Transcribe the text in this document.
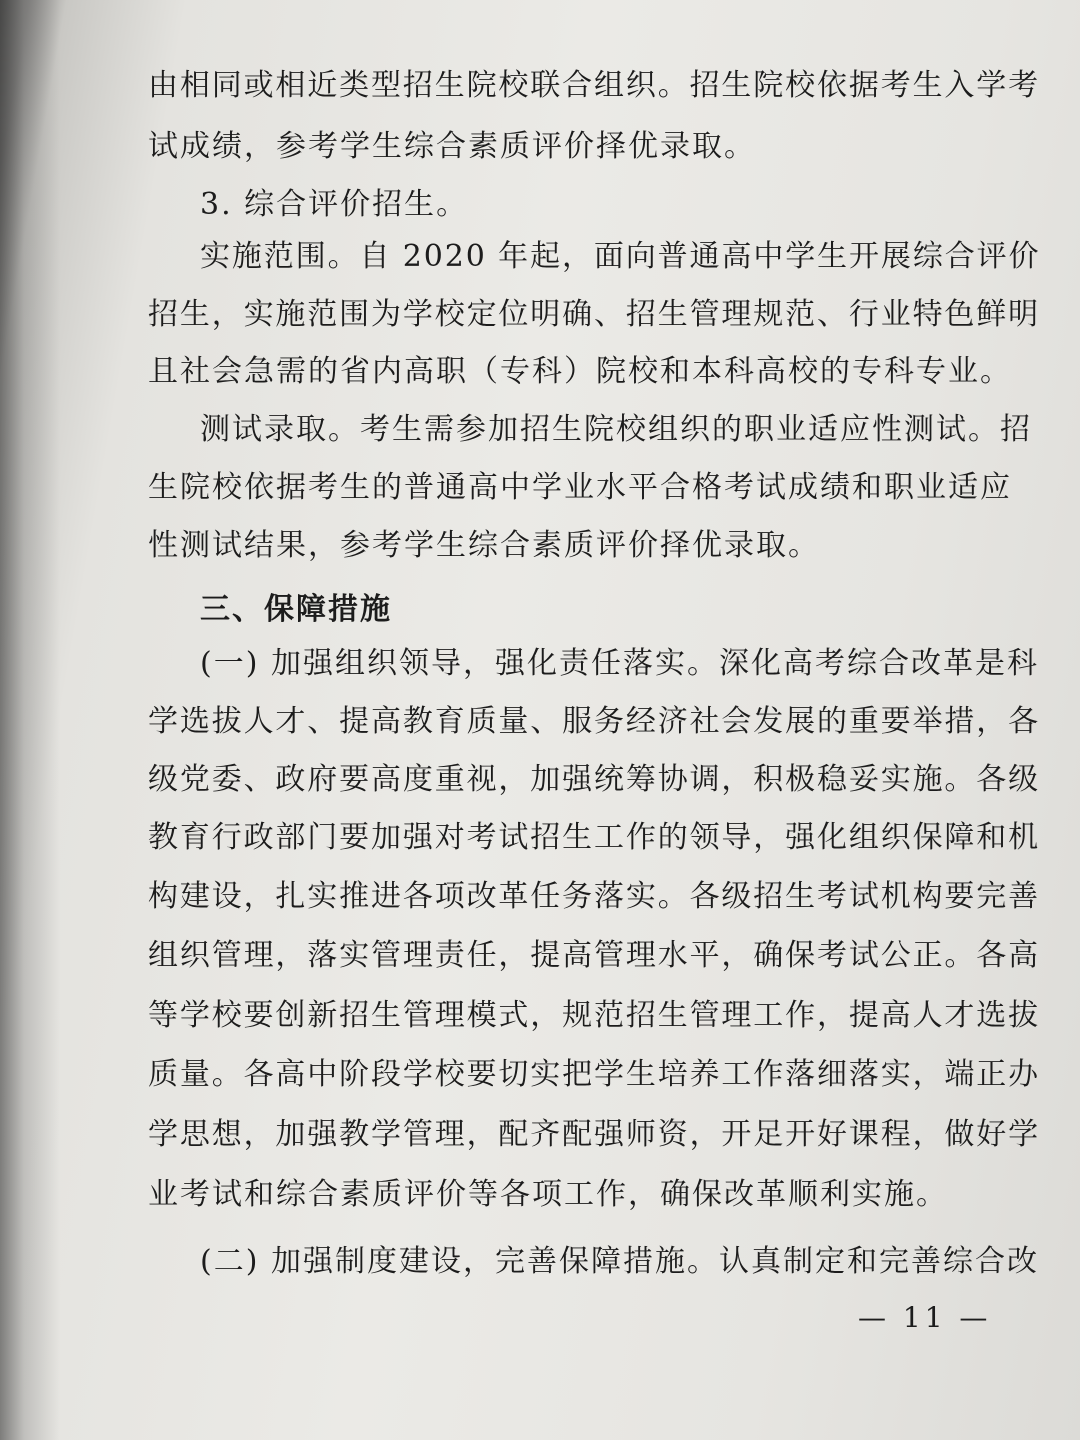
由相同或相近类型招生院校联合组织。招生院校依据考生入学考
试成绩，参考学生综合素质评价择优录取。
3. 综合评价招生。
实施范围。自 2020 年起，面向普通高中学生开展综合评价
招生，实施范围为学校定位明确、招生管理规范、行业特色鲜明
且社会急需的省内高职（专科）院校和本科高校的专科专业。
测试录取。考生需参加招生院校组织的职业适应性测试。招
生院校依据考生的普通高中学业水平合格考试成绩和职业适应
性测试结果，参考学生综合素质评价择优录取。
三、保障措施
(一) 加强组织领导，强化责任落实。深化高考综合改革是科
学选拔人才、提高教育质量、服务经济社会发展的重要举措，各
级党委、政府要高度重视，加强统筹协调，积极稳妥实施。各级
教育行政部门要加强对考试招生工作的领导，强化组织保障和机
构建设，扎实推进各项改革任务落实。各级招生考试机构要完善
组织管理，落实管理责任，提高管理水平，确保考试公正。各高
等学校要创新招生管理模式，规范招生管理工作，提高人才选拔
质量。各高中阶段学校要切实把学生培养工作落细落实，端正办
学思想，加强教学管理，配齐配强师资，开足开好课程，做好学
业考试和综合素质评价等各项工作，确保改革顺利实施。
(二) 加强制度建设，完善保障措施。认真制定和完善综合改
— 11 —
